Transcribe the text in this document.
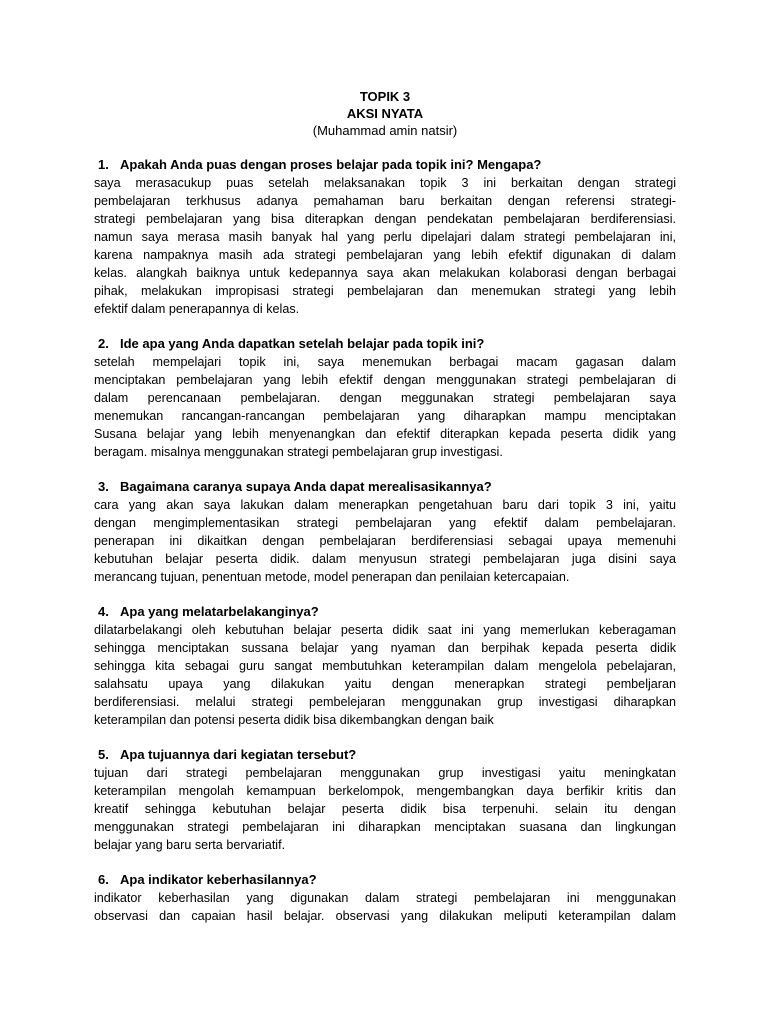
TOPIK 3
AKSI NYATA
(Muhammad amin natsir)

1. Apakah Anda puas dengan proses belajar pada topik ini? Mengapa?

saya merasacukup puas setelah melaksanakan topik 3 ini berkaitan dengan strategi
pembelajaran terkhusus adanya pemahaman baru berkaitan dengan referensi strategi-
strategi pembelajaran yang bisa diterapkan dengan pendekatan pembelajaran berdiferensiasi.
namun saya merasa masih banyak hal yang perlu dipelajari dalam strategi pembelajaran ini,
karena nampaknya masih ada strategi pembelajaran yang lebih efektif digunakan di dalam
kelas. alangkah baiknya untuk kedepannya saya akan melakukan kolaborasi dengan berbagai
pihak, melakukan impropisasi strategi pembelajaran dan menemukan strategi yang lebih
efektif dalam penerapannya di kelas.

2. Ide apa yang Anda dapatkan setelah belajar pada topik ini?

setelah mempelajari topik ini, saya menemukan berbagai macam gagasan dalam
menciptakan pembelajaran yang lebih efektif dengan menggunakan strategi pembelajaran di
dalam perencanaan pembelajaran. dengan meggunakan strategi pembelajaran saya
menemukan rancangan-rancangan pembelajaran yang diharapkan mampu menciptakan
Susana belajar yang lebih menyenangkan dan efektif diterapkan kepada peserta didik yang
beragam. misalnya menggunakan strategi pembelajaran grup investigasi.

3. Bagaimana caranya supaya Anda dapat merealisasikannya?

cara yang akan saya lakukan dalam menerapkan pengetahuan baru dari topik 3 ini, yaitu
dengan mengimplementasikan strategi pembelajaran yang efektif dalam pembelajaran.
penerapan ini dikaitkan dengan pembelajaran berdiferensiasi sebagai upaya memenuhi
kebutuhan belajar peserta didik. dalam menyusun strategi pembelajaran juga disini saya
merancang tujuan, penentuan metode, model penerapan dan penilaian ketercapaian.

4. Apa yang melatarbelakanginya?

dilatarbelakangi oleh kebutuhan belajar peserta didik saat ini yang memerlukan keberagaman
sehingga menciptakan sussana belajar yang nyaman dan berpihak kepada peserta didik
sehingga kita sebagai guru sangat membutuhkan keterampilan dalam mengelola pebelajaran,
salahsatu upaya yang dilakukan yaitu dengan menerapkan strategi pembeljaran
berdiferensiasi. melalui strategi pembelejaran menggunakan grup investigasi diharapkan
keterampilan dan potensi peserta didik bisa dikembangkan dengan baik

5. Apa tujuannya dari kegiatan tersebut?

tujuan dari strategi pembelajaran menggunakan grup investigasi yaitu meningkatan
keterampilan mengolah kemampuan berkelompok, mengembangkan daya berfikir kritis dan
kreatif sehingga kebutuhan belajar peserta didik bisa terpenuhi. selain itu dengan
menggunakan strategi pembelajaran ini diharapkan menciptakan suasana dan lingkungan
belajar yang baru serta bervariatif.

6. Apa indikator keberhasilannya?

indikator keberhasilan yang digunakan dalam strategi pembelajaran ini menggunakan
observasi dan capaian hasil belajar. observasi yang dilakukan meliputi keterampilan dalam
